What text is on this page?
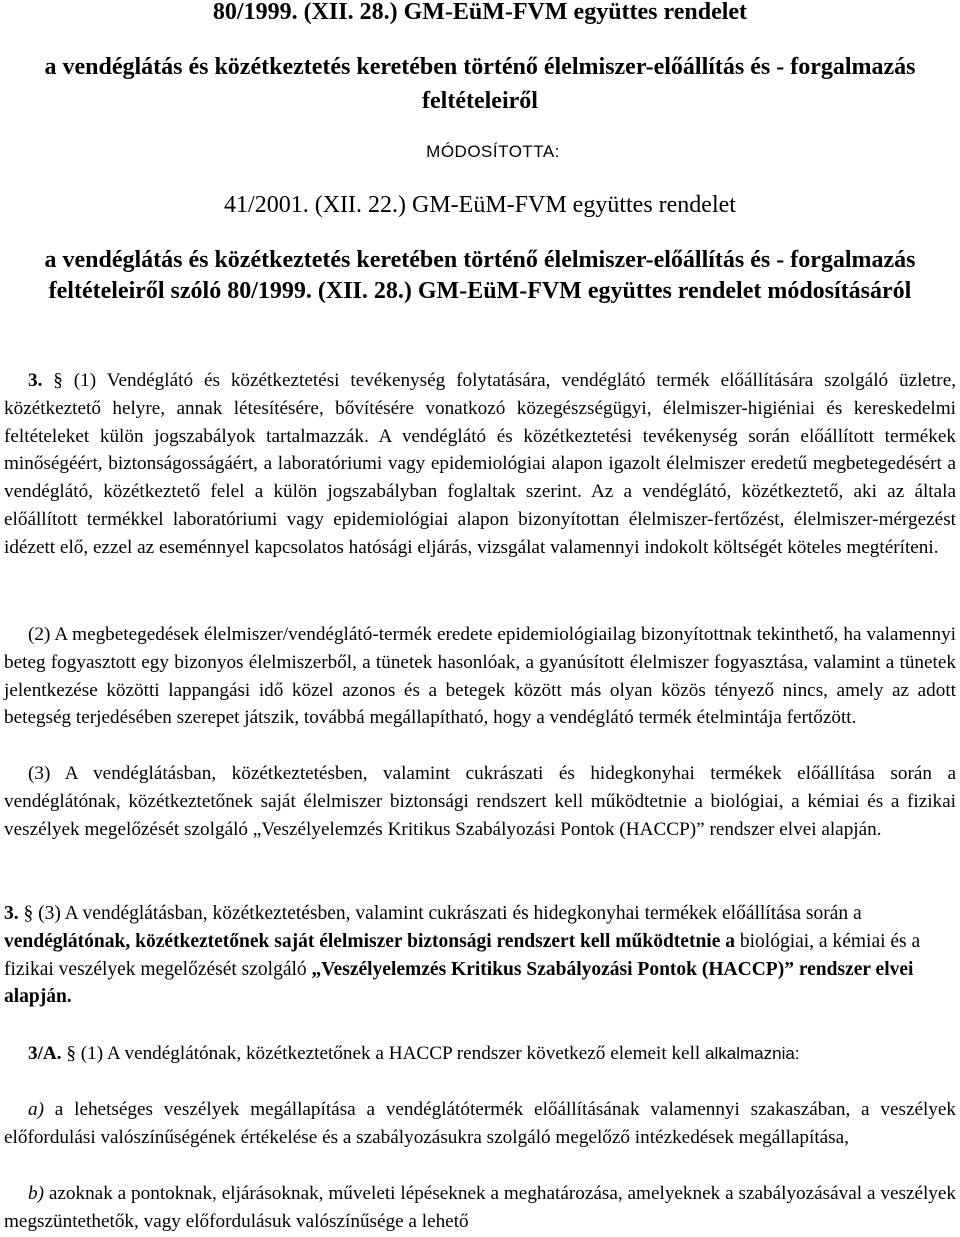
80/1999. (XII. 28.) GM-EüM-FVM együttes rendelet
a vendéglátás és közétkeztetés keretében történő élelmiszer-előállítás és - forgalmazás feltételeiről
MÓDOSÍTOTTA:
41/2001. (XII. 22.) GM-EüM-FVM együttes rendelet
a vendéglátás és közétkeztetés keretében történő élelmiszer-előállítás és - forgalmazás feltételeiről szóló 80/1999. (XII. 28.) GM-EüM-FVM együttes rendelet módosításáról
3. § (1) Vendéglátó és közétkeztetési tevékenység folytatására, vendéglátó termék előállítására szolgáló üzletre, közétkeztető helyre, annak létesítésére, bővítésére vonatkozó közegészségügyi, élelmiszer-higiéniai és kereskedelmi feltételeket külön jogszabályok tartalmazzák. A vendéglátó és közétkeztetési tevékenység során előállított termékek minőségéért, biztonságosságáért, a laboratóriumi vagy epidemiológiai alapon igazolt élelmiszer eredetű megbetegedésért a vendéglátó, közétkeztető felel a külön jogszabályban foglaltak szerint. Az a vendéglátó, közétkeztető, aki az általa előállított termékkel laboratóriumi vagy epidemiológiai alapon bizonyítottan élelmiszer-fertőzést, élelmiszer-mérgezést idézett elő, ezzel az eseménnyel kapcsolatos hatósági eljárás, vizsgálat valamennyi indokolt költségét köteles megtéríteni.
(2) A megbetegedések élelmiszer/vendéglátó-termék eredete epidemiológiailag bizonyítottnak tekinthető, ha valamennyi beteg fogyasztott egy bizonyos élelmiszerből, a tünetek hasonlóak, a gyanúsított élelmiszer fogyasztása, valamint a tünetek jelentkezése közötti lappangási idő közel azonos és a betegek között más olyan közös tényező nincs, amely az adott betegség terjedésében szerepet játszik, továbbá megállapítható, hogy a vendéglátó termék ételmintája fertőzött.
(3) A vendéglátásban, közétkeztetésben, valamint cukrászati és hidegkonyhai termékek előállítása során a vendéglátónak, közétkeztetőnek saját élelmiszer biztonsági rendszert kell működtetnie a biológiai, a kémiai és a fizikai veszélyek megelőzését szolgáló „Veszélyelemzés Kritikus Szabályozási Pontok (HACCP)” rendszer elvei alapján.
3. § (3) A vendéglátásban, közétkeztetésben, valamint cukrászati és hidegkonyhai termékek előállítása során a vendéglátónak, közétkeztetőnek saját élelmiszer biztonsági rendszert kell működtetnie a biológiai, a kémiai és a fizikai veszélyek megelőzését szolgáló „Veszélyelemzés Kritikus Szabályozási Pontok (HACCP)” rendszer elvei alapján.
3/A. § (1) A vendéglátónak, közétkeztetőnek a HACCP rendszer következő elemeit kell alkalmaznia:
a) a lehetséges veszélyek megállapítása a vendéglátótermék előállításának valamennyi szakaszában, a veszélyek előfordulási valószínűségének értékelése és a szabályozásukra szolgáló megelőző intézkedések megállapítása,
b) azoknak a pontoknak, eljárásoknak, műveleti lépéseknek a meghatározása, amelyeknek a szabályozásával a veszélyek megszüntethetők, vagy előfordulásuk valószínűsége a lehető
